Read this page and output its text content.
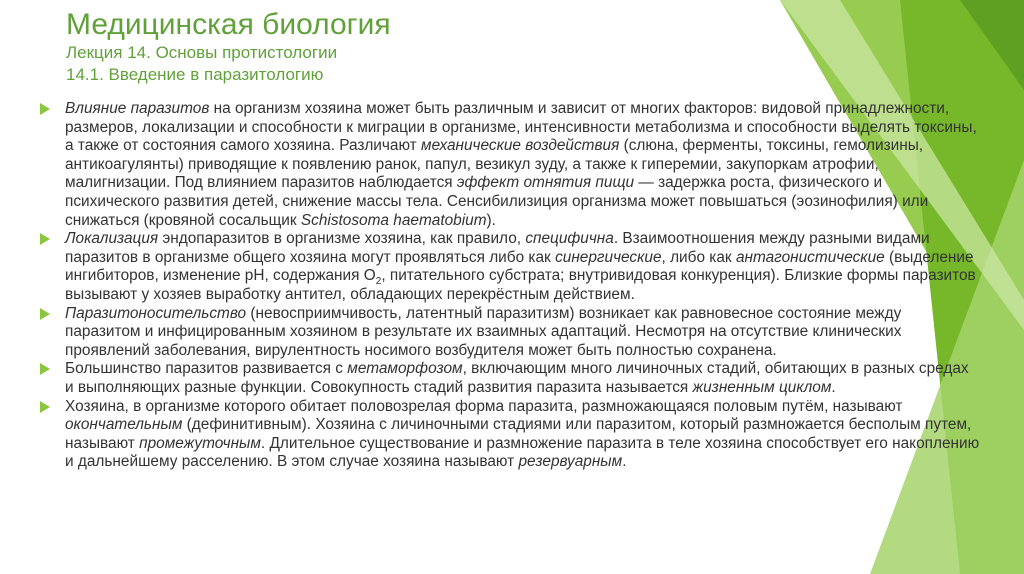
Медицинская биология
Лекция 14. Основы протистологии
14.1. Введение в паразитологию

Влияние паразитов на организм хозяина может быть различным и зависит от многих факторов: видовой принадлежности, размеров, локализации и способности к миграции в организме, интенсивности метаболизма и способности выделять токсины, а также от состояния самого хозяина. Различают механические воздействия (слюна, ферменты, токсины, гемолизины, антикоагулянты) приводящие к появлению ранок, папул, везикул зуду, а также к гиперемии, закупоркам атрофии, малигнизации. Под влиянием паразитов наблюдается эффект отнятия пищи — задержка роста, физического и психического развития детей, снижение массы тела. Сенсибилизиция организма может повышаться (эозинофилия) или снижаться (кровяной сосальщик Schistosoma haematobium).

Локализация эндопаразитов в организме хозяина, как правило, специфична. Взаимоотношения между разными видами паразитов в организме общего хозяина могут проявляться либо как синергические, либо как антагонистические (выделение ингибиторов, изменение рН, содержания $О_2$, питательного субстрата; внутривидовая конкуренция). Близкие формы паразитов вызывают у хозяев выработку антител, обладающих перекрёстным действием.

Паразитоносительство (невосприимчивость, латентный паразитизм) возникает как равновесное состояние между паразитом и инфицированным хозяином в результате их взаимных адаптаций. Несмотря на отсутствие клинических проявлений заболевания, вирулентность носимого возбудителя может быть полностью сохранена.

Большинство паразитов развивается с метаморфозом, включающим много личиночных стадий, обитающих в разных средах и выполняющих разные функции. Совокупность стадий развития паразита называется жизненным циклом.

Хозяина, в организме которого обитает половозрелая форма паразита, размножающаяся половым путём, называют окончательным (дефинитивным). Хозяина с личиночными стадиями или паразитом, который размножается бесполым путем, называют промежуточным. Длительное существование и размножение паразита в теле хозяина способствует его накоплению и дальнейшему расселению. В этом случае хозяина называют резервуарным.
